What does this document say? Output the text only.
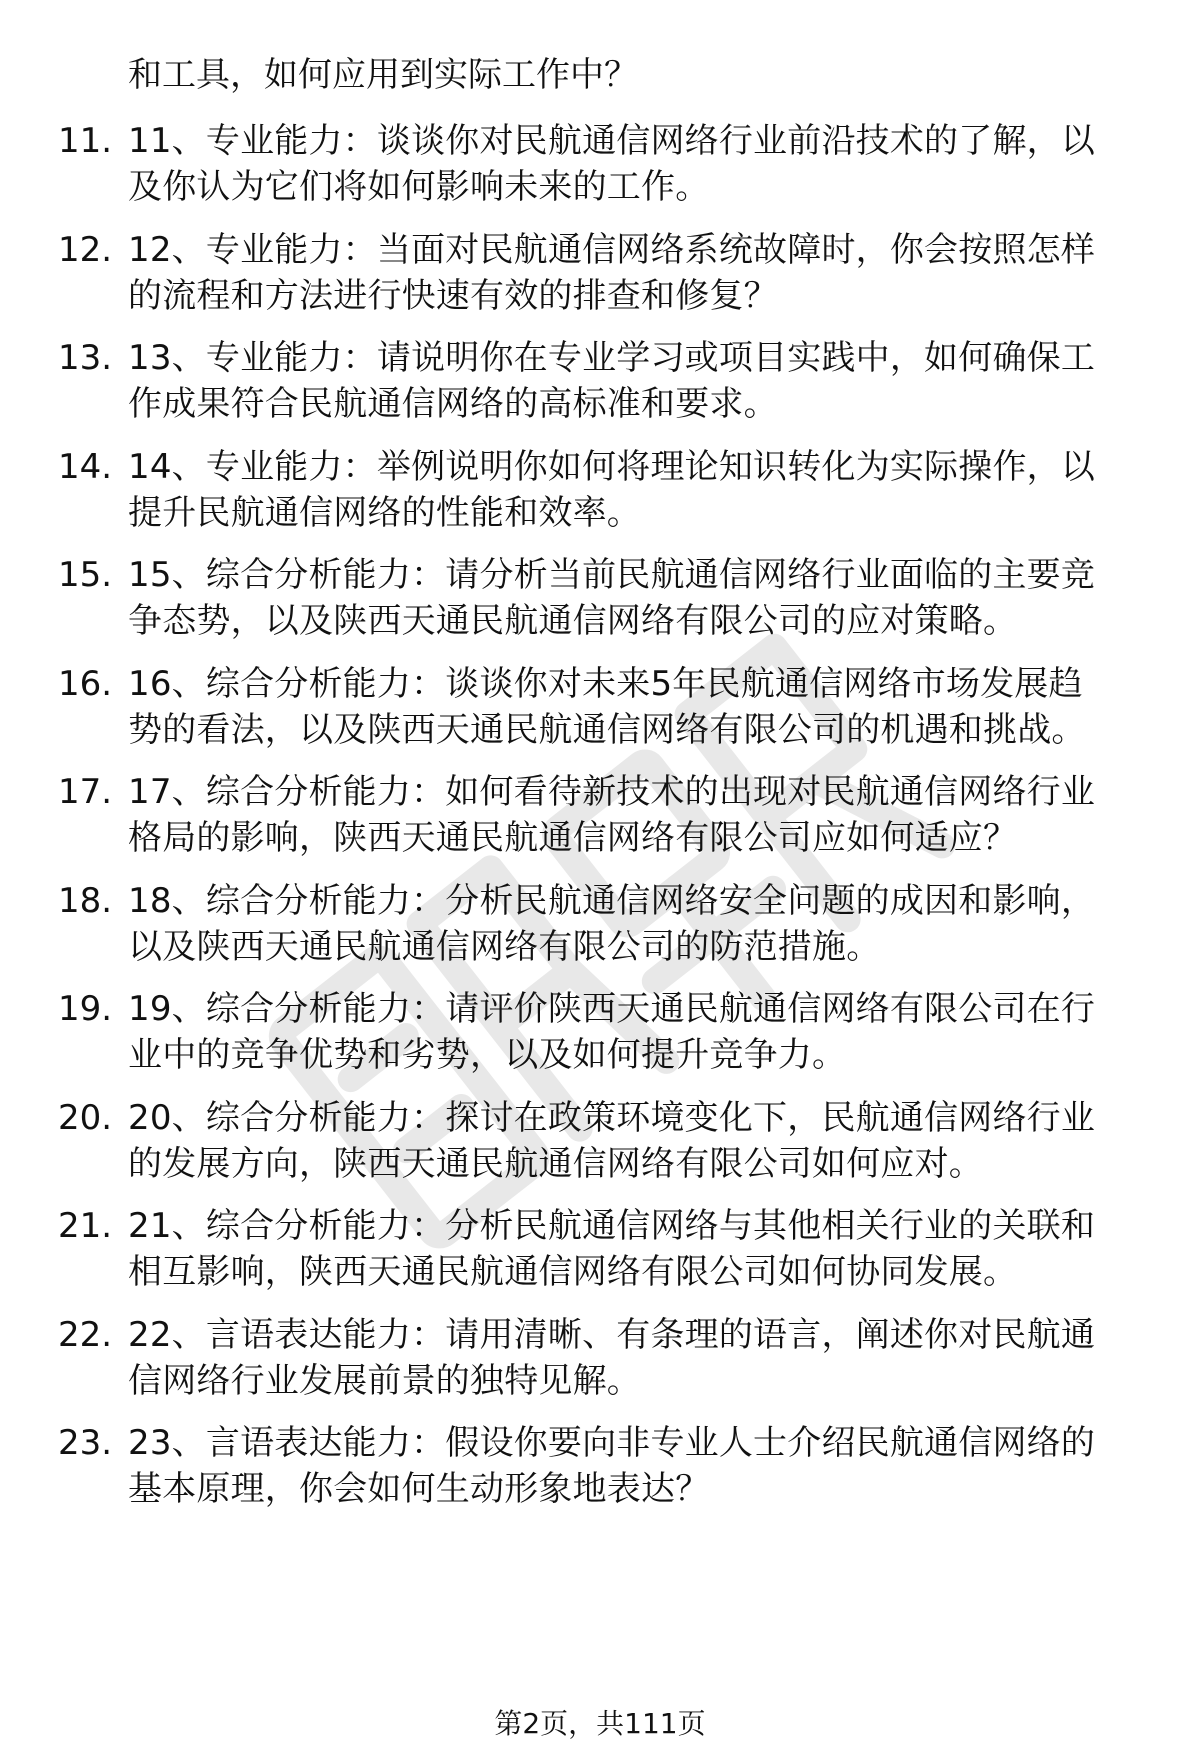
和工具，如何应用到实际工作中？
11. 11、专业能力：谈谈你对民航通信网络行业前沿技术的了解，以
及你认为它们将如何影响未来的工作。
12. 12、专业能力：当面对民航通信网络系统故障时，你会按照怎样
的流程和方法进行快速有效的排查和修复？
13. 13、专业能力：请说明你在专业学习或项目实践中，如何确保工
作成果符合民航通信网络的高标准和要求。
14. 14、专业能力：举例说明你如何将理论知识转化为实际操作，以
提升民航通信网络的性能和效率。
15. 15、综合分析能力：请分析当前民航通信网络行业面临的主要竞
争态势，以及陕西天通民航通信网络有限公司的应对策略。
16. 16、综合分析能力：谈谈你对未来5年民航通信网络市场发展趋
势的看法，以及陕西天通民航通信网络有限公司的机遇和挑战。
17. 17、综合分析能力：如何看待新技术的出现对民航通信网络行业
格局的影响，陕西天通民航通信网络有限公司应如何适应？
18. 18、综合分析能力：分析民航通信网络安全问题的成因和影响，
以及陕西天通民航通信网络有限公司的防范措施。
19. 19、综合分析能力：请评价陕西天通民航通信网络有限公司在行
业中的竞争优势和劣势，以及如何提升竞争力。
20. 20、综合分析能力：探讨在政策环境变化下，民航通信网络行业
的发展方向，陕西天通民航通信网络有限公司如何应对。
21. 21、综合分析能力：分析民航通信网络与其他相关行业的关联和
相互影响，陕西天通民航通信网络有限公司如何协同发展。
22. 22、言语表达能力：请用清晰、有条理的语言，阐述你对民航通
信网络行业发展前景的独特见解。
23. 23、言语表达能力：假设你要向非专业人士介绍民航通信网络的
基本原理，你会如何生动形象地表达？
第2页，共111页
